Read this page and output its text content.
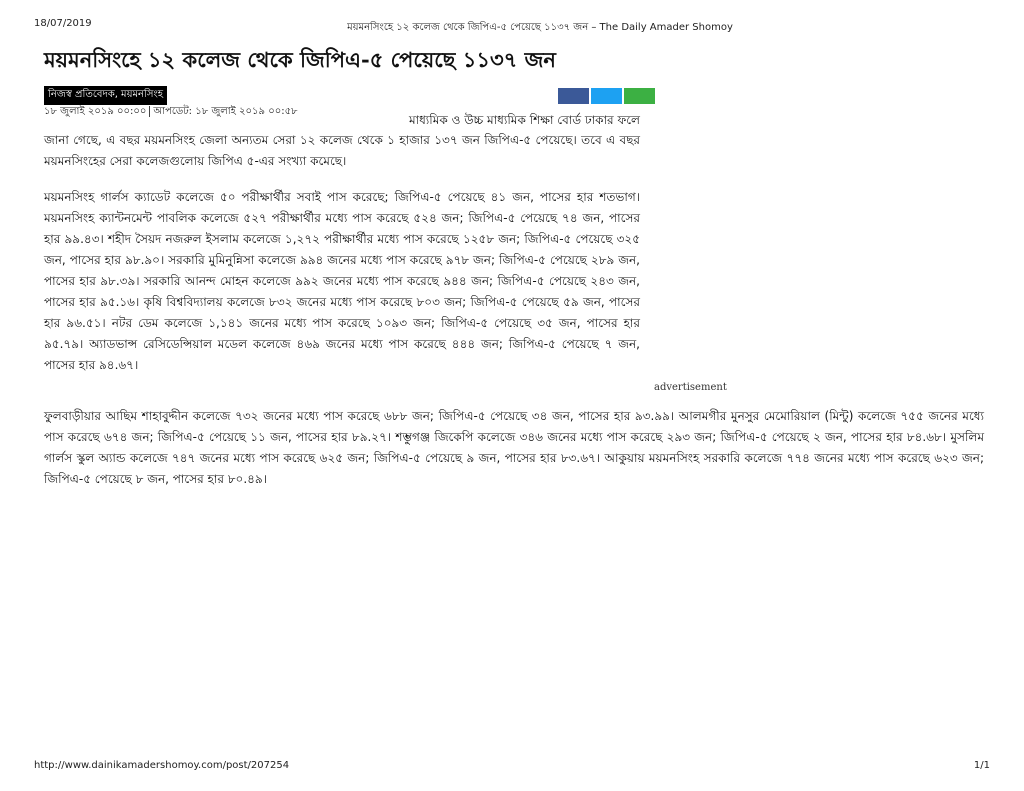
18/07/2019	ময়মনসিংহে ১২ কলেজ থেকে জিপিএ-৫ পেয়েছে ১১৩৭ জন – The Daily Amader Shomoy
ময়মনসিংহে ১২ কলেজ থেকে জিপিএ-৫ পেয়েছে ১১৩৭ জন
নিজস্ব প্রতিবেদক, ময়মনসিংহ
১৮ জুলাই ২০১৯ ০০:০০ আপডেট: ১৮ জুলাই ২০১৯ ০০:৫৮
মাধ্যমিক ও উচ্চ মাধ্যমিক শিক্ষা বোর্ড ঢাকার ফলে

জানা গেছে, এ বছর ময়মনসিংহ জেলা অন্যতম সেরা ১২ কলেজ থেকে ১ হাজার ১৩৭ জন জিপিএ-৫ পেয়েছে। তবে এ বছর ময়মনসিংহের সেরা কলেজগুলোয় জিপিএ ৫-এর সংখ্যা কমেছে।

ময়মনসিংহ গার্লস ক্যাডেট কলেজে ৫০ পরীক্ষার্থীর সবাই পাস করেছে; জিপিএ-৫ পেয়েছে ৪১ জন, পাসের হার শতভাগ। ময়মনসিংহ ক্যান্টনমেন্ট পাবলিক কলেজে ৫২৭ পরীক্ষার্থীর মধ্যে পাস করেছে ৫২৪ জন; জিপিএ-৫ পেয়েছে ৭৪ জন, পাসের হার ৯৯.৪৩। শহীদ সৈয়দ নজরুল ইসলাম কলেজে ১,২৭২ পরীক্ষার্থীর মধ্যে পাস করেছে ১২৫৮ জন; জিপিএ-৫ পেয়েছে ৩২৫ জন, পাসের হার ৯৮.৯০। সরকারি মুমিনুন্নিসা কলেজে ৯৯৪ জনের মধ্যে পাস করেছে ৯৭৮ জন; জিপিএ-৫ পেয়েছে ২৮৯ জন, পাসের হার ৯৮.৩৯। সরকারি আনন্দ মোহন কলেজে ৯৯২ জনের মধ্যে পাস করেছে ৯৪৪ জন; জিপিএ-৫ পেয়েছে ২৪৩ জন, পাসের হার ৯৫.১৬। কৃষি বিশ্ববিদ্যালয় কলেজে ৮৩২ জনের মধ্যে পাস করেছে ৮০৩ জন; জিপিএ-৫ পেয়েছে ৫৯ জন, পাসের হার ৯৬.৫১। নটর ডেম কলেজে ১,১৪১ জনের মধ্যে পাস করেছে ১০৯৩ জন; জিপিএ-৫ পেয়েছে ৩৫ জন, পাসের হার ৯৫.৭৯। অ্যাডভান্স রেসিডেন্সিয়াল মডেল কলেজে ৪৬৯ জনের মধ্যে পাস করেছে ৪৪৪ জন; জিপিএ-৫ পেয়েছে ৭ জন, পাসের হার ৯৪.৬৭।

advertisement

ফুলবাড়ীয়ার আছিম শাহাবুদ্দীন কলেজে ৭৩২ জনের মধ্যে পাস করেছে ৬৮৮ জন; জিপিএ-৫ পেয়েছে ৩৪ জন, পাসের হার ৯৩.৯৯। আলমগীর মুনসুর মেমোরিয়াল (মিন্টু) কলেজে ৭৫৫ জনের মধ্যে পাস করেছে ৬৭৪ জন; জিপিএ-৫ পেয়েছে ১১ জন, পাসের হার ৮৯.২৭। শম্ভুগঞ্জ জিকেপি কলেজে ৩৪৬ জনের মধ্যে পাস করেছে ২৯৩ জন; জিপিএ-৫ পেয়েছে ২ জন, পাসের হার ৮৪.৬৮। মুসলিম গার্লস স্কুল অ্যান্ড কলেজে ৭৪৭ জনের মধ্যে পাস করেছে ৬২৫ জন; জিপিএ-৫ পেয়েছে ৯ জন, পাসের হার ৮৩.৬৭। আকুয়ায় ময়মনসিংহ সরকারি কলেজে ৭৭৪ জনের মধ্যে পাস করেছে ৬২৩ জন; জিপিএ-৫ পেয়েছে ৮ জন, পাসের হার ৮০.৪৯।

http://www.dainikamadershomoy.com/post/207254	1/1
